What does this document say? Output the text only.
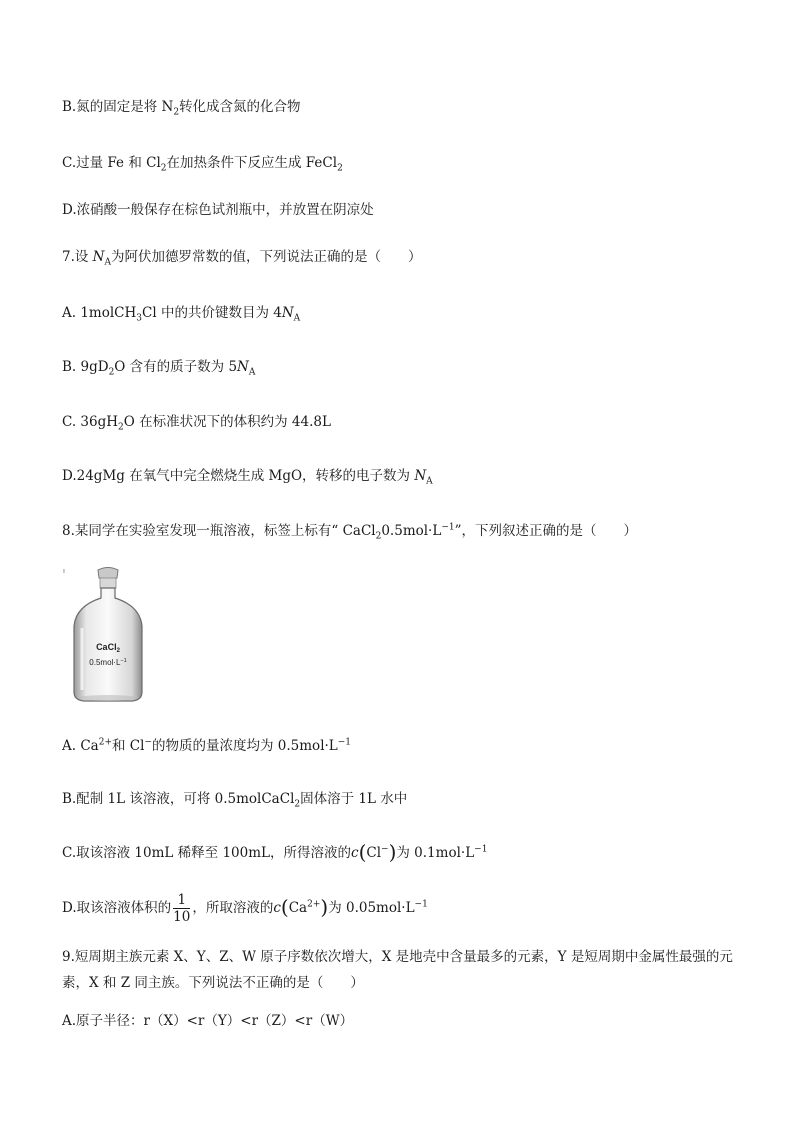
B.氮的固定是将 $N_2$转化成含氮的化合物
C.过量 Fe 和 $Cl_2$在加热条件下反应生成 FeCl$_2$
D.浓硝酸一般保存在棕色试剂瓶中，并放置在阴凉处
7.设 $N_A$为阿伏加德罗常数的值，下列说法正确的是（　　）
A. 1molCH$_3$Cl 中的共价键数目为 $4N_A$
B. $9gD_2O$ 含有的质子数为 $5N_A$
C. $36gH_2O$ 在标准状况下的体积约为 44.8L
D.24gMg 在氧气中完全燃烧生成 MgO，转移的电子数为 $N_A$
8.某同学在实验室发现一瓶溶液，标签上标有“ $CaCl_20.5mol\cdot L^{-1}$”，下列叙述正确的是（　　）
ı
CaCl$_2$
$0.5mol\cdot L^{-1}$
A. $Ca^{2+}$和 Cl−的物质的量浓度均为 $0.5mol\cdot L^{-1}$
B.配制 1L 该溶液，可将 0.5molCaCl$_2$固体溶于 1L 水中
C.取该溶液 10mL 稀释至 100mL，所得溶液的c(Cl−)为 $0.1mol\cdot L^{-1}$
D.取该溶液体积的 $\frac{1}{10}$ ，所取溶液的$c(Ca^{2+})$为 $0.05mol\cdot L^{-1}$
9.短周期主族元素 X、Y、Z、W 原子序数依次增大，X 是地壳中含量最多的元素，Y 是短周期中金属性最强的元素，X 和 Z 同主族。下列说法不正确的是（　　）
A.原子半径：r（X）<r（Y）<r（Z）<r（W）
